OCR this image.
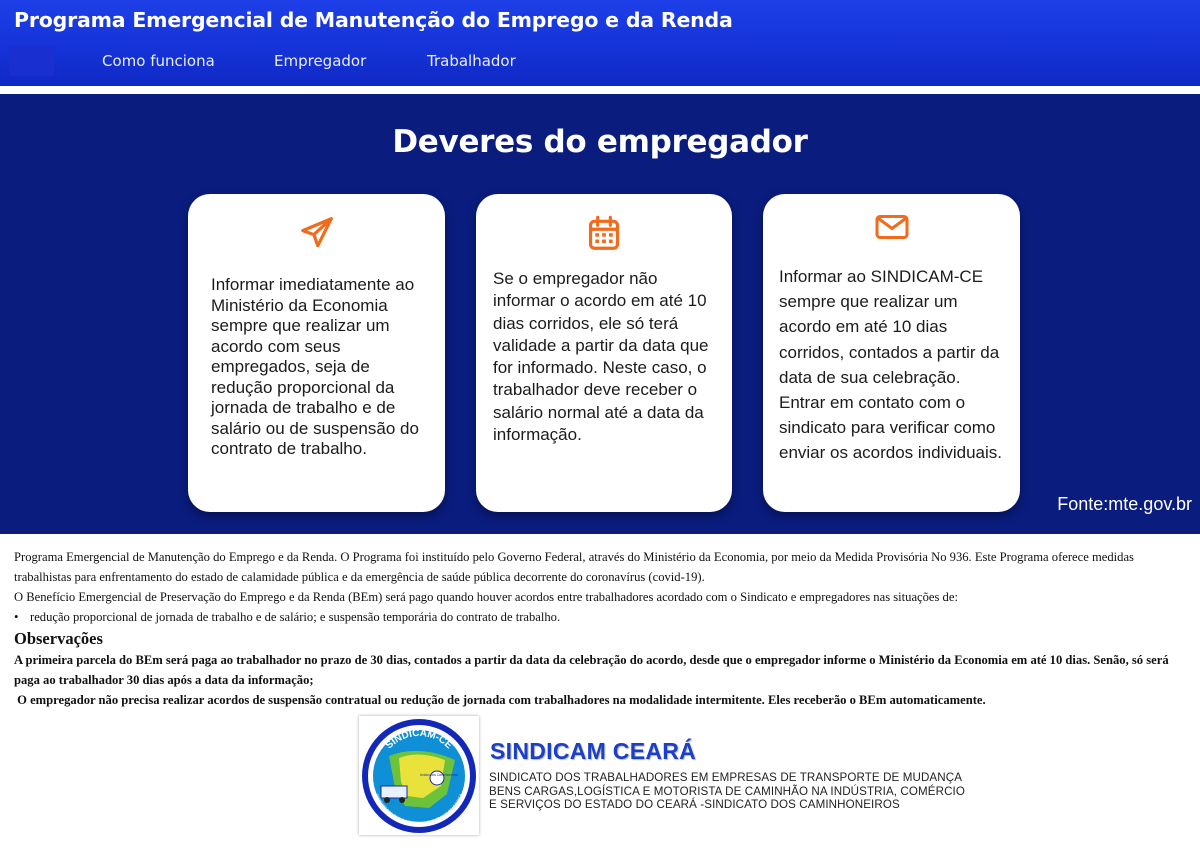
Programa Emergencial de Manutenção do Emprego e da Renda
Como funciona	Empregador	Trabalhador
Deveres do empregador
Informar imediatamente ao Ministério da Economia sempre que realizar um acordo com seus empregados, seja de redução proporcional da jornada de trabalho e de salário ou de suspensão do contrato de trabalho.
Se o empregador não informar o acordo em até 10 dias corridos, ele só terá validade a partir da data que for informado. Neste caso, o trabalhador deve receber o salário normal até a data da informação.
Informar ao SINDICAM-CE sempre que realizar um acordo em até 10 dias corridos, contados a partir da data de sua celebração. Entrar em contato com o sindicato para verificar como enviar os acordos individuais.
Fonte:mte.gov.br

Programa Emergencial de Manutenção do Emprego e da Renda. O Programa foi instituído pelo Governo Federal, através do Ministério da Economia, por meio da Medida Provisória No 936. Este Programa oferece medidas trabalhistas para enfrentamento do estado de calamidade pública e da emergência de saúde pública decorrente do coronavírus (covid-19).

O Benefício Emergencial de Preservação do Emprego e da Renda (BEm) será pago quando houver acordos entre trabalhadores acordado com o Sindicato e empregadores nas situações de:

• redução proporcional de jornada de trabalho e de salário; e suspensão temporária do contrato de trabalho.
Observações

A primeira parcela do BEm será paga ao trabalhador no prazo de 30 dias, contados a partir da data da celebração do acordo, desde que o empregador informe o Ministério da Economia em até 10 dias. Senão, só será paga ao trabalhador 30 dias após a data da informação;

O empregador não precisa realizar acordos de suspensão contratual ou redução de jornada com trabalhadores na modalidade intermitente. Eles receberão o BEm automaticamente.

SINDICAM-CE
SINDICATO DOS TRABALHADORES EM EMP. TRANSP. DE MUDANÇA
Unidos dos Caminhoneiros
SINDICAM CEARÁ
SINDICATO DOS TRABALHADORES EM EMPRESAS DE TRANSPORTE DE MUDANÇA
BENS CARGAS,LOGÍSTICA E MOTORISTA DE CAMINHÃO NA INDÚSTRIA, COMÉRCIO
E SERVIÇOS DO ESTADO DO CEARÁ -SINDICATO DOS CAMINHONEIROS
